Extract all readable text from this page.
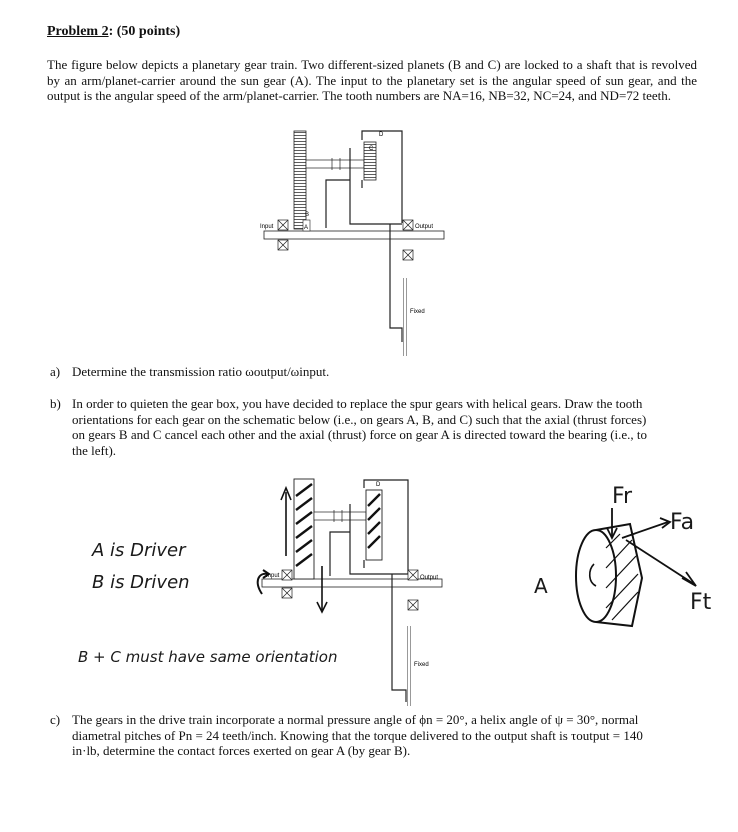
Problem 2: (50 points)
The figure below depicts a planetary gear train. Two different-sized planets (B and C) are locked to a shaft that is revolved by an arm/planet-carrier around the sun gear (A). The input to the planetary set is the angular speed of sun gear, and the output is the angular speed of the arm/planet-carrier. The tooth numbers are NA=16, NB=32, NC=24, and ND=72 teeth.
B
A
C
D
Input	Output
Fixed
a) Determine the transmission ratio ωoutput/ωinput.
b) In order to quieten the gear box, you have decided to replace the spur gears with helical gears. Draw the tooth orientations for each gear on the schematic below (i.e., on gears A, B, and C) such that the axial (thrust forces) on gears B and C cancel each other and the axial (thrust) force on gear A is directed toward the bearing (i.e., to the left).
D
Input	Output
Fixed
A is Driver
B is Driven
B + C must have same orientation
A
Fr
Fa
Ft
c) The gears in the drive train incorporate a normal pressure angle of ϕn = 20°, a helix angle of ψ = 30°, normal diametral pitches of Pn = 24 teeth/inch. Knowing that the torque delivered to the output shaft is τoutput = 140 in·lb, determine the contact forces exerted on gear A (by gear B).
